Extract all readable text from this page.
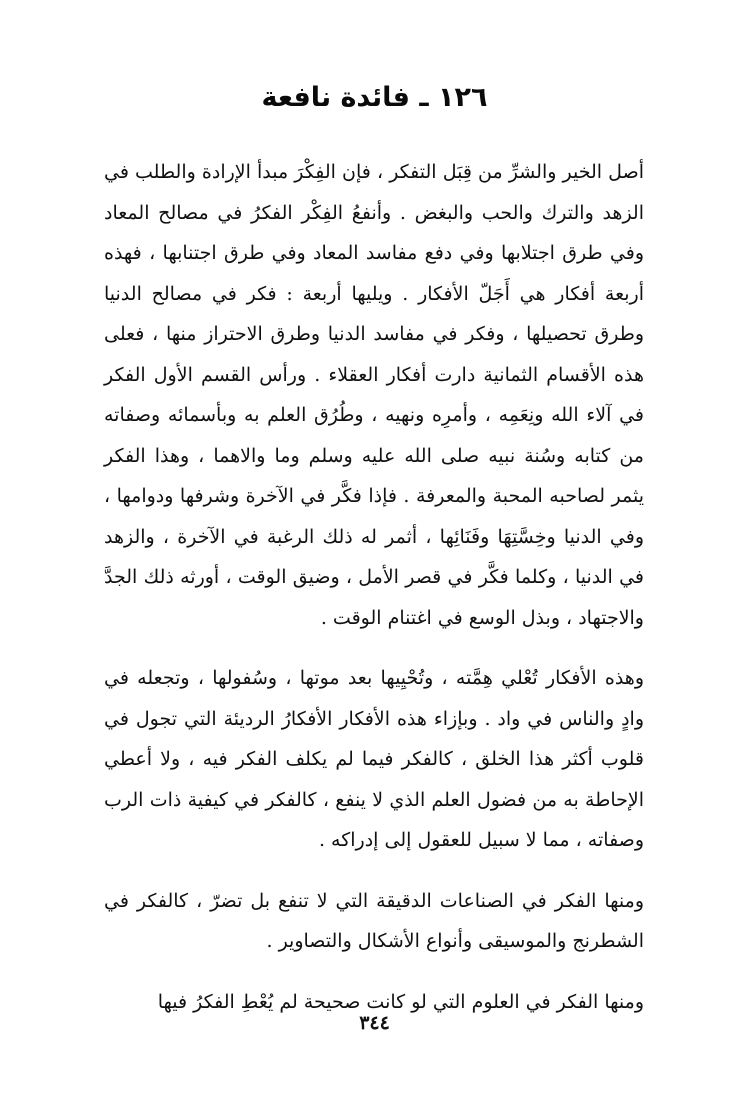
١٢٦ ـ فائدة نافعة

أصل الخير والشرِّ من قِبَل التفكر ، فإن الفِكْرَ مبدأ الإرادة والطلب في الزهد والترك والحب والبغض . وأنفعُ الفِكْر الفكرُ في مصالح المعاد وفي طرق اجتلابها وفي دفع مفاسد المعاد وفي طرق اجتنابها ، فهذه أربعة أفكار هي أَجَلّ الأفكار . ويليها أربعة : فكر في مصالح الدنيا وطرق تحصيلها ، وفكر في مفاسد الدنيا وطرق الاحتراز منها ، فعلى هذه الأقسام الثمانية دارت أفكار العقلاء . ورأس القسم الأول الفكر في آلاء الله ونِعَمِه ، وأمرِه ونهيه ، وطُرُق العلم به وبأسمائه وصفاته من كتابه وسُنة نبيه صلى الله عليه وسلم وما والاهما ، وهذا الفكر يثمر لصاحبه المحبة والمعرفة . فإذا فكَّر في الآخرة وشرفها ودوامها ، وفي الدنيا وخِسَّتِهَا وفَنَائِها ، أثمر له ذلك الرغبة في الآخرة ، والزهد في الدنيا ، وكلما فكَّر في قصر الأمل ، وضيق الوقت ، أورثه ذلك الجدَّ والاجتهاد ، وبذل الوسع في اغتنام الوقت .

وهذه الأفكار تُعْلي هِمَّته ، وتُحْيِيها بعد موتها ، وسُفولها ، وتجعله في وادٍ والناس في واد . وبإزاء هذه الأفكار الأفكارُ الرديئة التي تجول في قلوب أكثر هذا الخلق ، كالفكر فيما لم يكلف الفكر فيه ، ولا أعطي الإحاطة به من فضول العلم الذي لا ينفع ، كالفكر في كيفية ذات الرب وصفاته ، مما لا سبيل للعقول إلى إدراكه .

ومنها الفكر في الصناعات الدقيقة التي لا تنفع بل تضرّ ، كالفكر في الشطرنج والموسيقى وأنواع الأشكال والتصاوير .

ومنها الفكر في العلوم التي لو كانت صحيحة لم يُعْطِ الفكرُ فيها

٣٤٤
